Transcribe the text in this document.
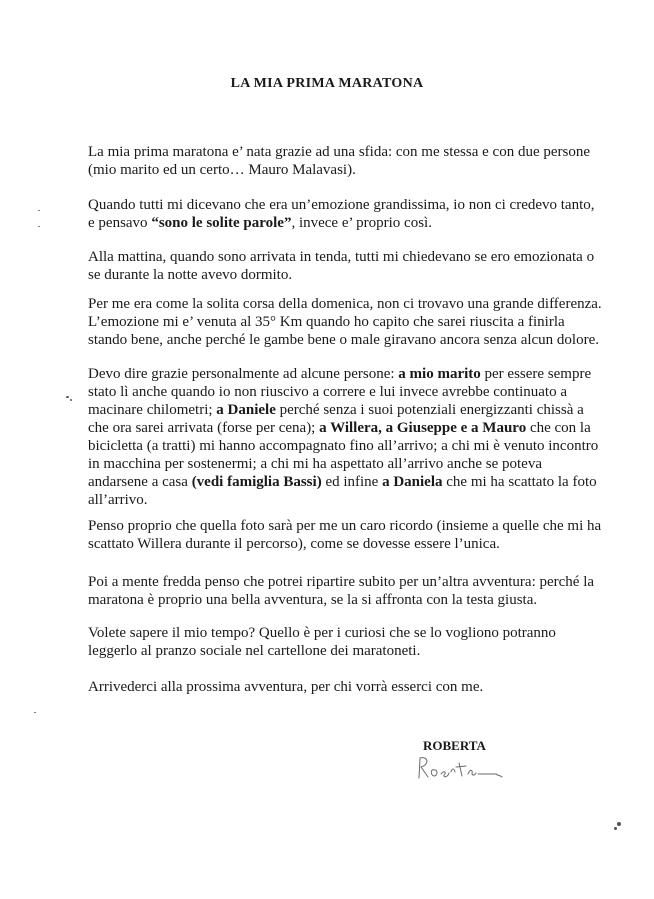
LA MIA PRIMA MARATONA

La mia prima maratona e’ nata grazie ad una sfida: con me stessa e con due persone
(mio marito ed un certo… Mauro Malavasi).

Quando tutti mi dicevano che era un’emozione grandissima, io non ci credevo tanto,
e pensavo “sono le solite parole”, invece e’ proprio così.

Alla mattina, quando sono arrivata in tenda, tutti mi chiedevano se ero emozionata o
se durante la notte avevo dormito.

Per me era come la solita corsa della domenica, non ci trovavo una grande differenza.
L’emozione mi e’ venuta al 35° Km quando ho capito che sarei riuscita a finirla
stando bene, anche perché le gambe bene o male giravano ancora senza alcun dolore.

Devo dire grazie personalmente ad alcune persone: a mio marito per essere sempre
stato lì anche quando io non riuscivo a correre e lui invece avrebbe continuato a
macinare chilometri; a Daniele perché senza i suoi potenziali energizzanti chissà a
che ora sarei arrivata (forse per cena); a Willera, a Giuseppe e a Mauro che con la
bicicletta (a tratti) mi hanno accompagnato fino all’arrivo; a chi mi è venuto incontro
in macchina per sostenermi; a chi mi ha aspettato all’arrivo anche se poteva
andarsene a casa (vedi famiglia Bassi) ed infine a Daniela che mi ha scattato la foto
all’arrivo.

Penso proprio che quella foto sarà per me un caro ricordo (insieme a quelle che mi ha
scattato Willera durante il percorso), come se dovesse essere l’unica.

Poi a mente fredda penso che potrei ripartire subito per un’altra avventura: perché la
maratona è proprio una bella avventura, se la si affronta con la testa giusta.

Volete sapere il mio tempo? Quello è per i curiosi che se lo vogliono potranno
leggerlo al pranzo sociale nel cartellone dei maratoneti.

Arrivederci alla prossima avventura, per chi vorrà esserci con me.

ROBERTA
